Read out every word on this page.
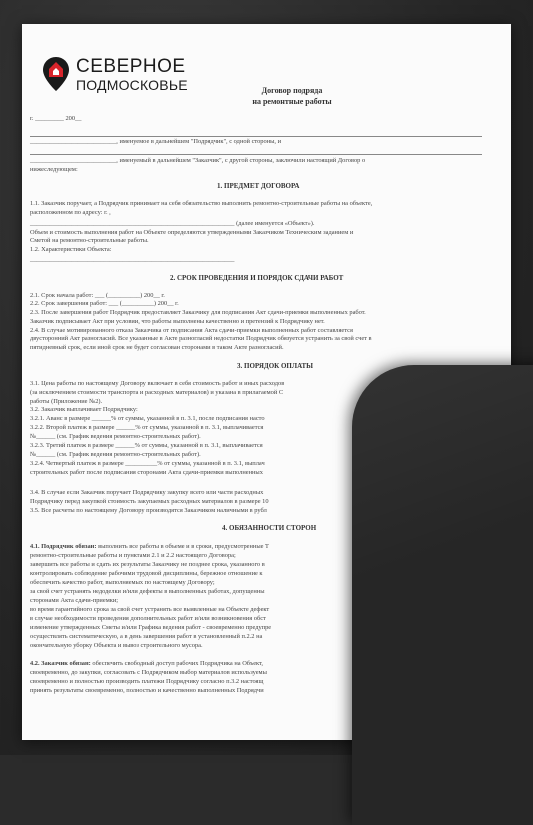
СЕВЕРНОЕ
ПОДМОСКОВЬЕ	Договор подряда
на ремонтные работы
г. _________ 200__
___________________________, именуемое в дальнейшем "Подрядчик", с одной стороны, и
___________________________, именуемый в дальнейшем "Заказчик", с другой стороны, заключили настоящий Договор о
нижеследующем:
1. ПРЕДМЕТ ДОГОВОРА
1.1. Заказчик поручает, а Подрядчик принимает на себя обязательство выполнить ремонтно-строительные работы на объекте,
расположенном по адресу: г. ,
________________________________________________________________ (далее именуется «Объект»).
Объем и стоимость выполнения работ на Объекте определяются утвержденными Заказчиком Техническим заданием и
Сметой на ремонтно-строительные работы.
1.2. Характеристики Объекта:
________________________________________________________________
2. СРОК ПРОВЕДЕНИЯ И ПОРЯДОК СДАЧИ РАБОТ
2.1. Срок начала работ: ___ (__________) 200__ г.
2.2. Срок завершения работ: ___ (__________) 200__ г.
2.3. После завершения работ Подрядчик предоставляет Заказчику для подписания Акт сдачи-приемки выполненных работ.
Заказчик подписывает Акт при условии, что работы выполнены качественно и претензий к Подрядчику нет.
2.4. В случае мотивированного отказа Заказчика от подписания Акта сдачи-приемки выполненных работ составляется
двусторонний Акт разногласий. Все указанные в Акте разногласий недостатки Подрядчик обязуется устранить за свой счет в
пятидневный срок, если иной срок не будет согласован сторонами в таком Акте разногласий.
3. ПОРЯДОК ОПЛАТЫ
3.1. Цена работы по настоящему Договору включает в себя стоимость работ и иных расходов
(за исключением стоимости транспорта и расходных материалов) и указана в прилагаемой С
работы (Приложение №2).
3.2. Заказчик выплачивает Подрядчику:
3.2.1. Аванс в размере ______% от суммы, указанной в п. 3.1, после подписания насто
3.2.2. Второй платеж в размере ______% от суммы, указанной в п. 3.1, выплачивается
№______ (см. График ведения ремонтно-строительных работ).
3.2.3. Третий платеж в размере ______% от суммы, указанной в п. 3.1, выплачивается
№______ (см. График ведения ремонтно-строительных работ).
3.2.4. Четвертый платеж в размере __________% от суммы, указанной в п. 3.1, выплач
строительных работ после подписания сторонами Акта сдачи-приемки выполненных
3.4. В случае если Заказчик поручает Подрядчику закупку всего или части расходных
Подрядчику перед закупкой стоимость закупаемых расходных материалов в размере 10
3.5. Все расчеты по настоящему Договору производятся Заказчиком наличными в рубл
4. ОБЯЗАННОСТИ СТОРОН
4.1. Подрядчик обязан: выполнить все работы в объеме и в сроки, предусмотренные Т
ремонтно-строительные работы и пунктами 2.1 и 2.2 настоящего Договора;
завершить все работы и сдать их результаты Заказчику не позднее срока, указанного в
контролировать соблюдение рабочими трудовой дисциплины, бережное отношение к
обеспечить качество работ, выполняемых по настоящему Договору;
за свой счет устранять недоделки и/или дефекты в выполненных работах, допущенны
сторонами Акта сдачи-приемки;
во время гарантийного срока за свой счет устранять все выявленные на Объекте дефект
в случае необходимости проведения дополнительных работ и/или возникновения обст
изменение утвержденных Сметы и/или Графика ведения работ - своевременно предупре
осуществлять систематическую, а в день завершения работ в установленный п.2.2 на
окончательную уборку Объекта и вывоз строительного мусора.
4.2. Заказчик обязан: обеспечить свободный доступ рабочих Подрядчика на Объект,
своевременно, до закупки, согласовать с Подрядчиком выбор материалов используемы
своевременно и полностью производить платежи Подрядчику согласно п.3.2 настоящ
принять результаты своевременно, полностью и качественно выполненных Подрядчи
